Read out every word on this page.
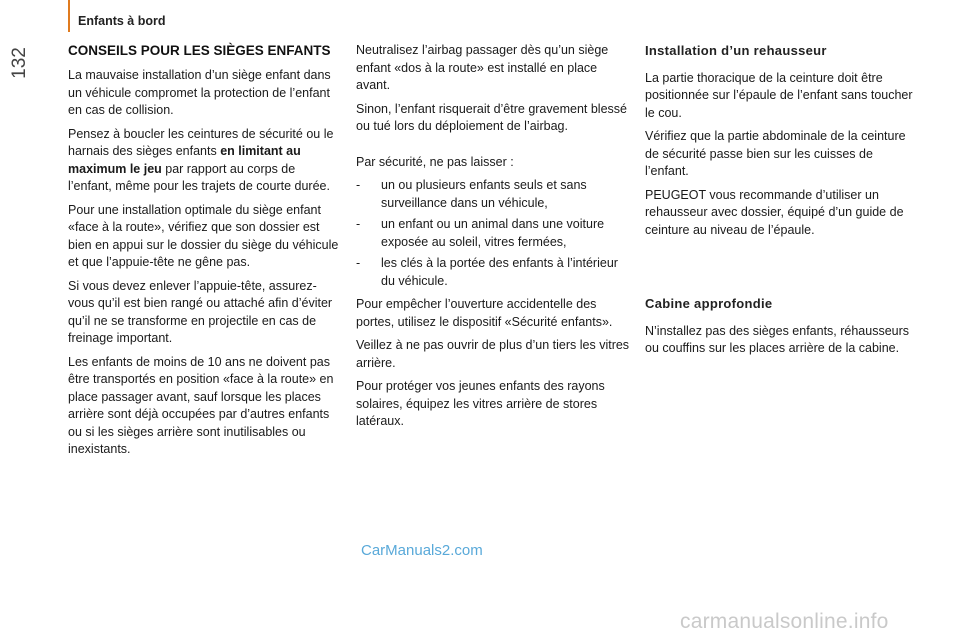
Enfants à bord
132	CONSEILS POUR LES SIÈGES ENFANTS

La mauvaise installation d’un siège enfant dans un véhicule compromet la protection de l’enfant en cas de collision.

Pensez à boucler les ceintures de sécurité ou le harnais des sièges enfants en limitant au maximum le jeu par rapport au corps de l’enfant, même pour les trajets de courte durée.

Pour une installation optimale du siège enfant «face à la route», vérifiez que son dossier est bien en appui sur le dossier du siège du véhicule et que l’appuie-tête ne gêne pas.

Si vous devez enlever l’appuie-tête, assurez-vous qu’il est bien rangé ou attaché afin d’éviter qu’il ne se transforme en projectile en cas de freinage important.

Les enfants de moins de 10 ans ne doivent pas être transportés en position «face à la route» en place passager avant, sauf lorsque les places arrière sont déjà occupées par d’autres enfants ou si les sièges arrière sont inutilisables ou inexistants.

Neutralisez l’airbag passager dès qu’un siège enfant «dos à la route» est installé en place avant.

Sinon, l’enfant risquerait d’être gravement blessé ou tué lors du déploiement de l’airbag.

Par sécurité, ne pas laisser :

- un ou plusieurs enfants seuls et sans surveillance dans un véhicule,
- un enfant ou un animal dans une voiture exposée au soleil, vitres fermées,
- les clés à la portée des enfants à l’intérieur du véhicule.

Pour empêcher l’ouverture accidentelle des portes, utilisez le dispositif «Sécurité enfants».

Veillez à ne pas ouvrir de plus d’un tiers les vitres arrière.

Pour protéger vos jeunes enfants des rayons solaires, équipez les vitres arrière de stores latéraux.

Installation d’un rehausseur

La partie thoracique de la ceinture doit être positionnée sur l’épaule de l’enfant sans toucher le cou.

Vérifiez que la partie abdominale de la ceinture de sécurité passe bien sur les cuisses de l’enfant.

PEUGEOT vous recommande d’utiliser un rehausseur avec dossier, équipé d’un guide de ceinture au niveau de l’épaule.

Cabine approfondie

N’installez pas des sièges enfants, réhausseurs ou couffins sur les places arrière de la cabine.

CarManuals2.com
carmanualsonline.info
